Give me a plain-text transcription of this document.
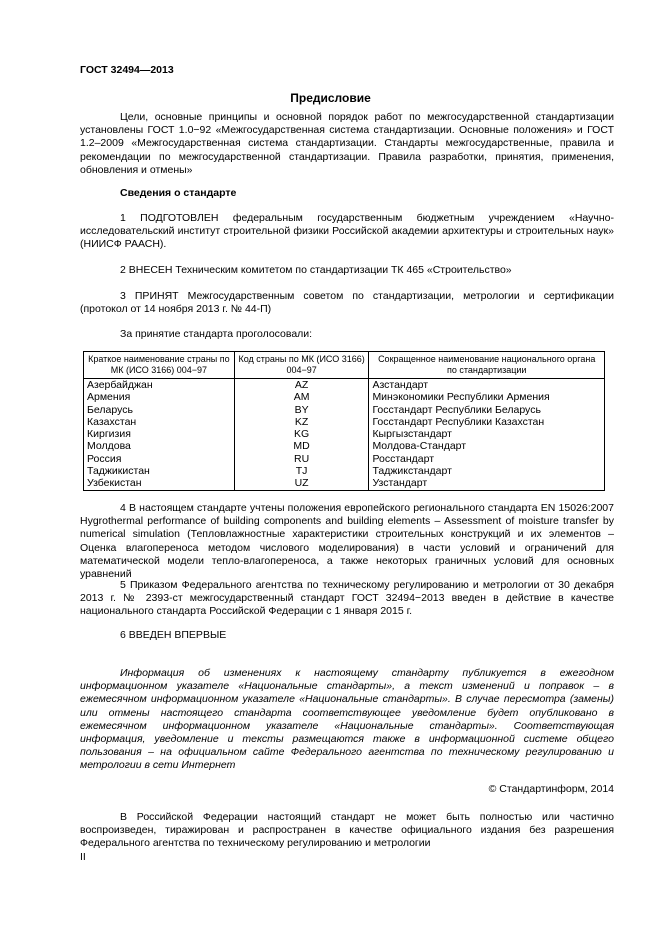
ГОСТ 32494—2013
Предисловие

Цели, основные принципы и основной порядок работ по межгосударственной стандартизации установлены ГОСТ 1.0−92 «Межгосударственная система стандартизации. Основные положения» и ГОСТ 1.2–2009 «Межгосударственная система стандартизации. Стандарты межгосударственные, правила и рекомендации по межгосударственной стандартизации. Правила разработки, принятия, применения, обновления и отмены»

Сведения о стандарте

1 ПОДГОТОВЛЕН федеральным государственным бюджетным учреждением «Научно-исследовательский институт строительной физики Российской академии архитектуры и строительных наук» (НИИСФ РААСН).

2 ВНЕСЕН Техническим комитетом по стандартизации ТК 465 «Строительство»

3 ПРИНЯТ Межгосударственным советом по стандартизации, метрологии и сертификации (протокол от 14 ноября 2013 г. № 44-П)

За принятие стандарта проголосовали:

Краткое наименование страны по МК (ИСО 3166) 004−97	Код страны по МК (ИСО 3166) 004−97	Сокращенное наименование национального органа по стандартизации
Азербайджан	AZ	Азстандарт
Армения	AM	Минэкономики Республики Армения
Беларусь	BY	Госстандарт Республики Беларусь
Казахстан	KZ	Госстандарт Республики Казахстан
Киргизия	KG	Кыргызстандарт
Молдова	MD	Молдова-Стандарт
Россия	RU	Росстандарт
Таджикистан	TJ	Таджикстандарт
Узбекистан	UZ	Узстандарт

4 В настоящем стандарте учтены положения европейского регионального стандарта EN 15026:2007 Hygrothermal performance of building components and building elements – Assessment of moisture transfer by numerical simulation (Тепловлажностные характеристики строительных конструкций и их элементов – Оценка влагопереноса методом числового моделирования) в части условий и ограничений для математической модели тепло-влагопереноса, а также некоторых граничных условий для основных уравнений

5 Приказом Федерального агентства по техническому регулированию и метрологии от 30 декабря 2013 г. № 2393-ст межгосударственный стандарт ГОСТ 32494−2013 введен в действие в качестве национального стандарта Российской Федерации с 1 января 2015 г.

6 ВВЕДЕН ВПЕРВЫЕ

Информация об изменениях к настоящему стандарту публикуется в ежегодном информационном указателе «Национальные стандарты», а текст изменений и поправок – в ежемесячном информационном указателе «Национальные стандарты». В случае пересмотра (замены) или отмены настоящего стандарта соответствующее уведомление будет опубликовано в ежемесячном информационном указателе «Национальные стандарты». Соответствующая информация, уведомление и тексты размещаются также в информационной системе общего пользования – на официальном сайте Федерального агентства по техническому регулированию и метрологии в сети Интернет

© Стандартинформ, 2014

В Российской Федерации настоящий стандарт не может быть полностью или частично воспроизведен, тиражирован и распространен в качестве официального издания без разрешения Федерального агентства по техническому регулированию и метрологии

II
